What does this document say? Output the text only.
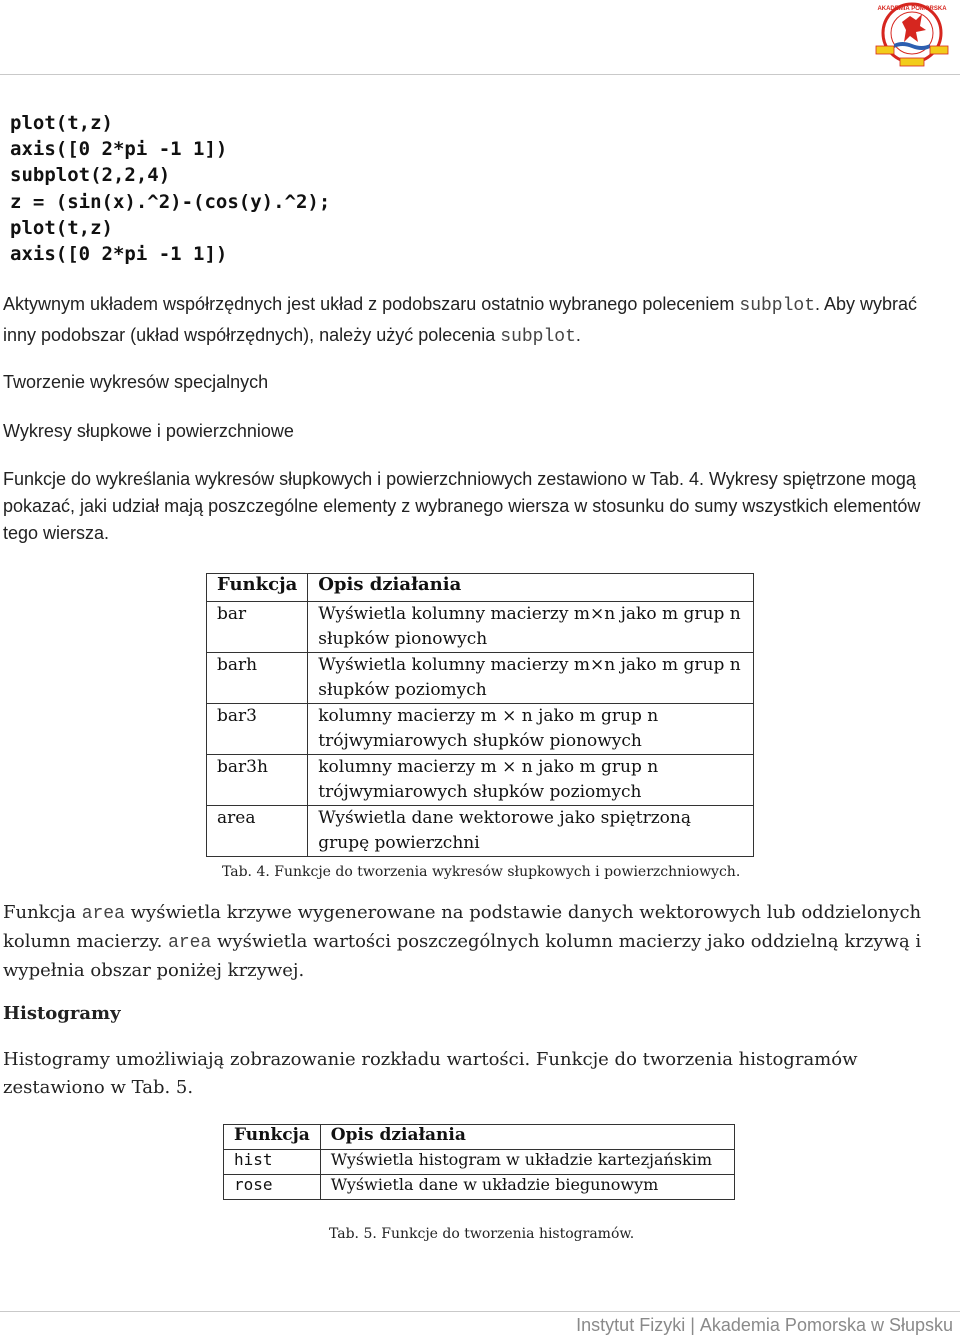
AKADEMIA POMORSKA
plot(t,z)
axis([0 2*pi -1 1])
subplot(2,2,4)
z = (sin(x).^2)-(cos(y).^2);
plot(t,z)
axis([0 2*pi -1 1])
Aktywnym układem współrzędnych jest układ z podobszaru ostatnio wybranego poleceniem subplot. Aby wybrać inny podobszar (układ współrzędnych), należy użyć polecenia subplot.
Tworzenie wykresów specjalnych
Wykresy słupkowe i powierzchniowe
Funkcje do wykreślania wykresów słupkowych i powierzchniowych zestawiono w Tab. 4. Wykresy spiętrzone mogą pokazać, jaki udział mają poszczególne elementy z wybranego wiersza w stosunku do sumy wszystkich elementów tego wiersza.
Funkcja	Opis działania
bar	Wyświetla kolumny macierzy m×n jako m grup n słupków pionowych
barh	Wyświetla kolumny macierzy m×n jako m grup n słupków poziomych
bar3	kolumny macierzy m × n jako m grup n trójwymiarowych słupków pionowych
bar3h	kolumny macierzy m × n jako m grup n trójwymiarowych słupków poziomych
area	Wyświetla dane wektorowe jako spiętrzoną grupę powierzchni
Tab. 4. Funkcje do tworzenia wykresów słupkowych i powierzchniowych.
Funkcja area wyświetla krzywe wygenerowane na podstawie danych wektorowych lub oddzielonych kolumn macierzy. area wyświetla wartości poszczególnych kolumn macierzy jako oddzielną krzywą i wypełnia obszar poniżej krzywej.
Histogramy
Histogramy umożliwiają zobrazowanie rozkładu wartości. Funkcje do tworzenia histogramów zestawiono w Tab. 5.
Funkcja	Opis działania
hist	Wyświetla histogram w układzie kartezjańskim
rose	Wyświetla dane w układzie biegunowym
Tab. 5. Funkcje do tworzenia histogramów.
Instytut Fizyki | Akademia Pomorska w Słupsku
